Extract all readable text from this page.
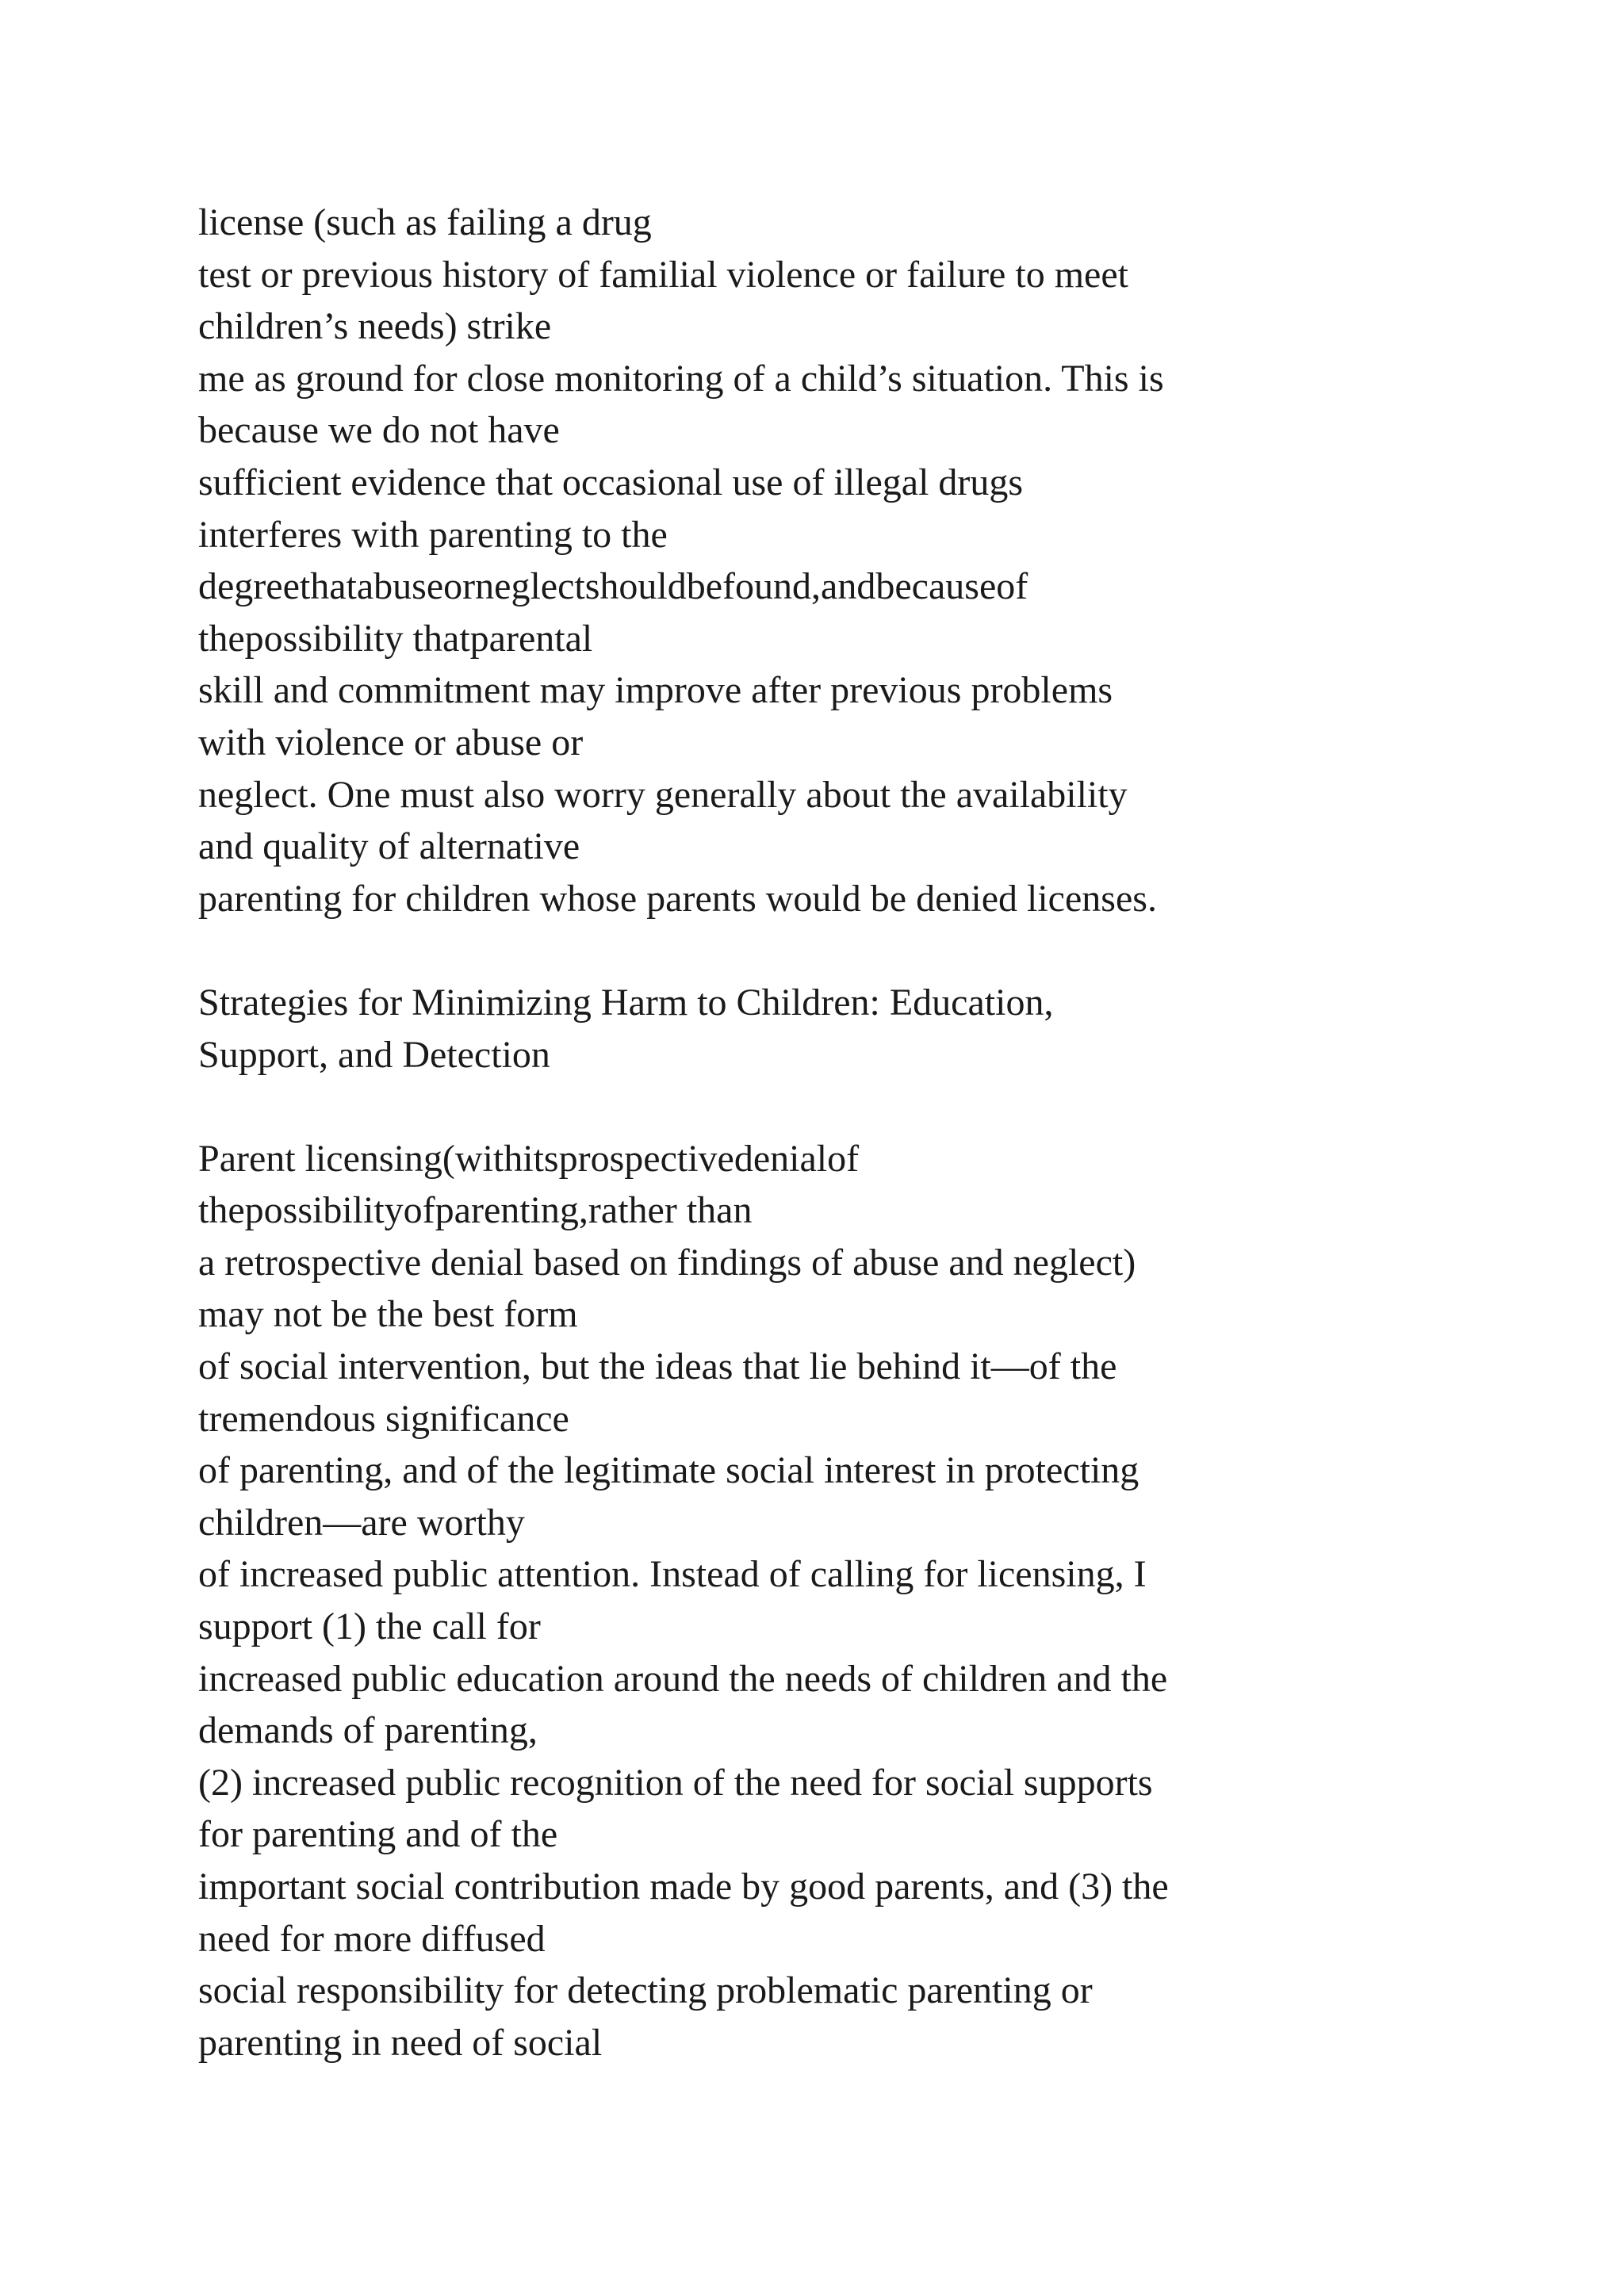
license (such as failing a drug
test or previous history of familial violence or failure to meet
children’s needs) strike
me as ground for close monitoring of a child’s situation. This is
because we do not have
sufficient evidence that occasional use of illegal drugs
interferes with parenting to the
degreethatabuseorneglectshouldbefound,andbecauseof
thepossibility thatparental
skill and commitment may improve after previous problems
with violence or abuse or
neglect. One must also worry generally about the availability
and quality of alternative
parenting for children whose parents would be denied licenses.
Strategies for Minimizing Harm to Children: Education,
Support, and Detection
Parent licensing(withitsprospectivedenialof
thepossibilityofparenting,rather than
a retrospective denial based on findings of abuse and neglect)
may not be the best form
of social intervention, but the ideas that lie behind it—of the
tremendous significance
of parenting, and of the legitimate social interest in protecting
children—are worthy
of increased public attention. Instead of calling for licensing, I
support (1) the call for
increased public education around the needs of children and the
demands of parenting,
(2) increased public recognition of the need for social supports
for parenting and of the
important social contribution made by good parents, and (3) the
need for more diffused
social responsibility for detecting problematic parenting or
parenting in need of social
